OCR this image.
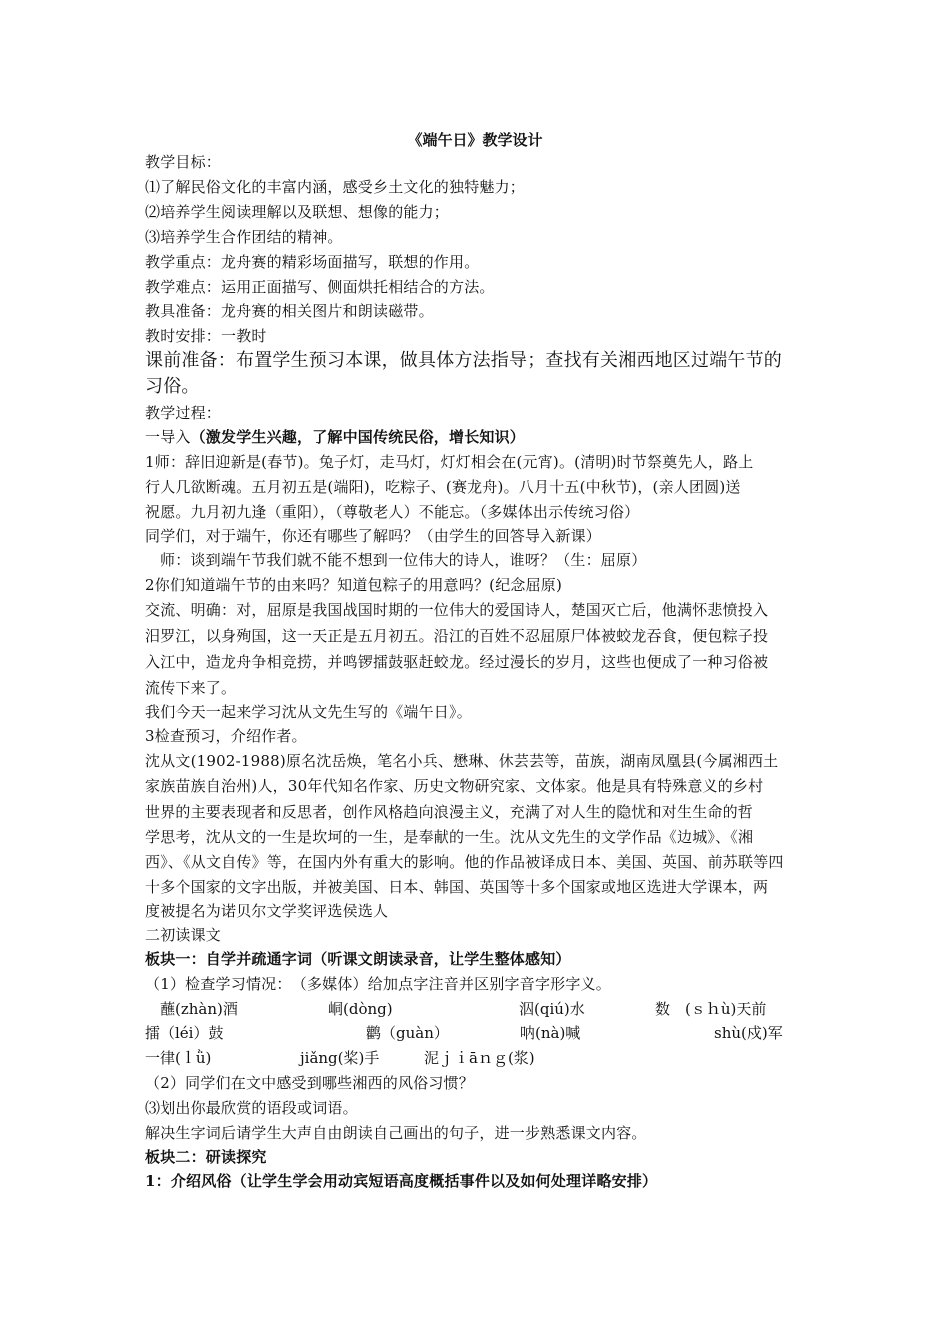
《端午日》教学设计
教学目标：
⑴了解民俗文化的丰富内涵，感受乡土文化的独特魅力；
⑵培养学生阅读理解以及联想、想像的能力；
⑶培养学生合作团结的精神。
教学重点：龙舟赛的精彩场面描写，联想的作用。
教学难点：运用正面描写、侧面烘托相结合的方法。
教具准备：龙舟赛的相关图片和朗读磁带。
教时安排：一教时
课前准备：布置学生预习本课，做具体方法指导；查找有关湘西地区过端午节的
习俗。
教学过程：
一导入（激发学生兴趣，了解中国传统民俗，增长知识）
1师：辞旧迎新是(春节)。兔子灯，走马灯，灯灯相会在(元宵)。(清明)时节祭奠先人，路上
行人几欲断魂。五月初五是(端阳)，吃粽子、(赛龙舟)。八月十五(中秋节)，(亲人团圆)送
祝愿。九月初九逢（重阳），（尊敬老人）不能忘。（多媒体出示传统习俗）
同学们，对于端午，你还有哪些了解吗？（由学生的回答导入新课）
师：谈到端午节我们就不能不想到一位伟大的诗人，谁呀？（生：屈原）
2你们知道端午节的由来吗？知道包粽子的用意吗？(纪念屈原)
交流、明确：对，屈原是我国战国时期的一位伟大的爱国诗人，楚国灭亡后，他满怀悲愤投入
汨罗江，以身殉国，这一天正是五月初五。沿江的百姓不忍屈原尸体被蛟龙吞食，便包粽子投
入江中，造龙舟争相竞捞，并鸣锣擂鼓驱赶蛟龙。经过漫长的岁月，这些也便成了一种习俗被
流传下来了。
我们今天一起来学习沈从文先生写的《端午日》。
3检查预习，介绍作者。
沈从文(1902-1988)原名沈岳焕，笔名小兵、懋琳、休芸芸等，苗族，湖南凤凰县(今属湘西土
家族苗族自治州)人，30年代知名作家、历史文物研究家、文体家。他是具有特殊意义的乡村
世界的主要表现者和反思者，创作风格趋向浪漫主义，充满了对人生的隐忧和对生生命的哲
学思考，沈从文的一生是坎坷的一生，是奉献的一生。沈从文先生的文学作品《边城》、《湘
西》、《从文自传》等，在国内外有重大的影响。他的作品被译成日本、美国、英国、前苏联等四
十多个国家的文字出版，并被美国、日本、韩国、英国等十多个国家或地区选进大学课本，两
度被提名为诺贝尔文学奖评选侯选人
二初读课文
板块一：自学并疏通字词（听课文朗读录音，让学生整体感知）
（1）检查学习情况：　（多媒体）给加点字注音并区别字音字形字义。
蘸(zhàn)酒	峒(dòng)	泅(qiú)水	数　(ｓｈù)天前
擂（léi）鼓	鹳（guàn）	呐(nà)喊	shù(戍)军
一律(ｌǜ)	jiǎng(桨)手	泥ｊｉāｎｇ(浆)
（2）同学们在文中感受到哪些湘西的风俗习惯？
⑶划出你最欣赏的语段或词语。
解决生字词后请学生大声自由朗读自己画出的句子，进一步熟悉课文内容。
板块二：研读探究
1：介绍风俗（让学生学会用动宾短语高度概括事件以及如何处理详略安排）
